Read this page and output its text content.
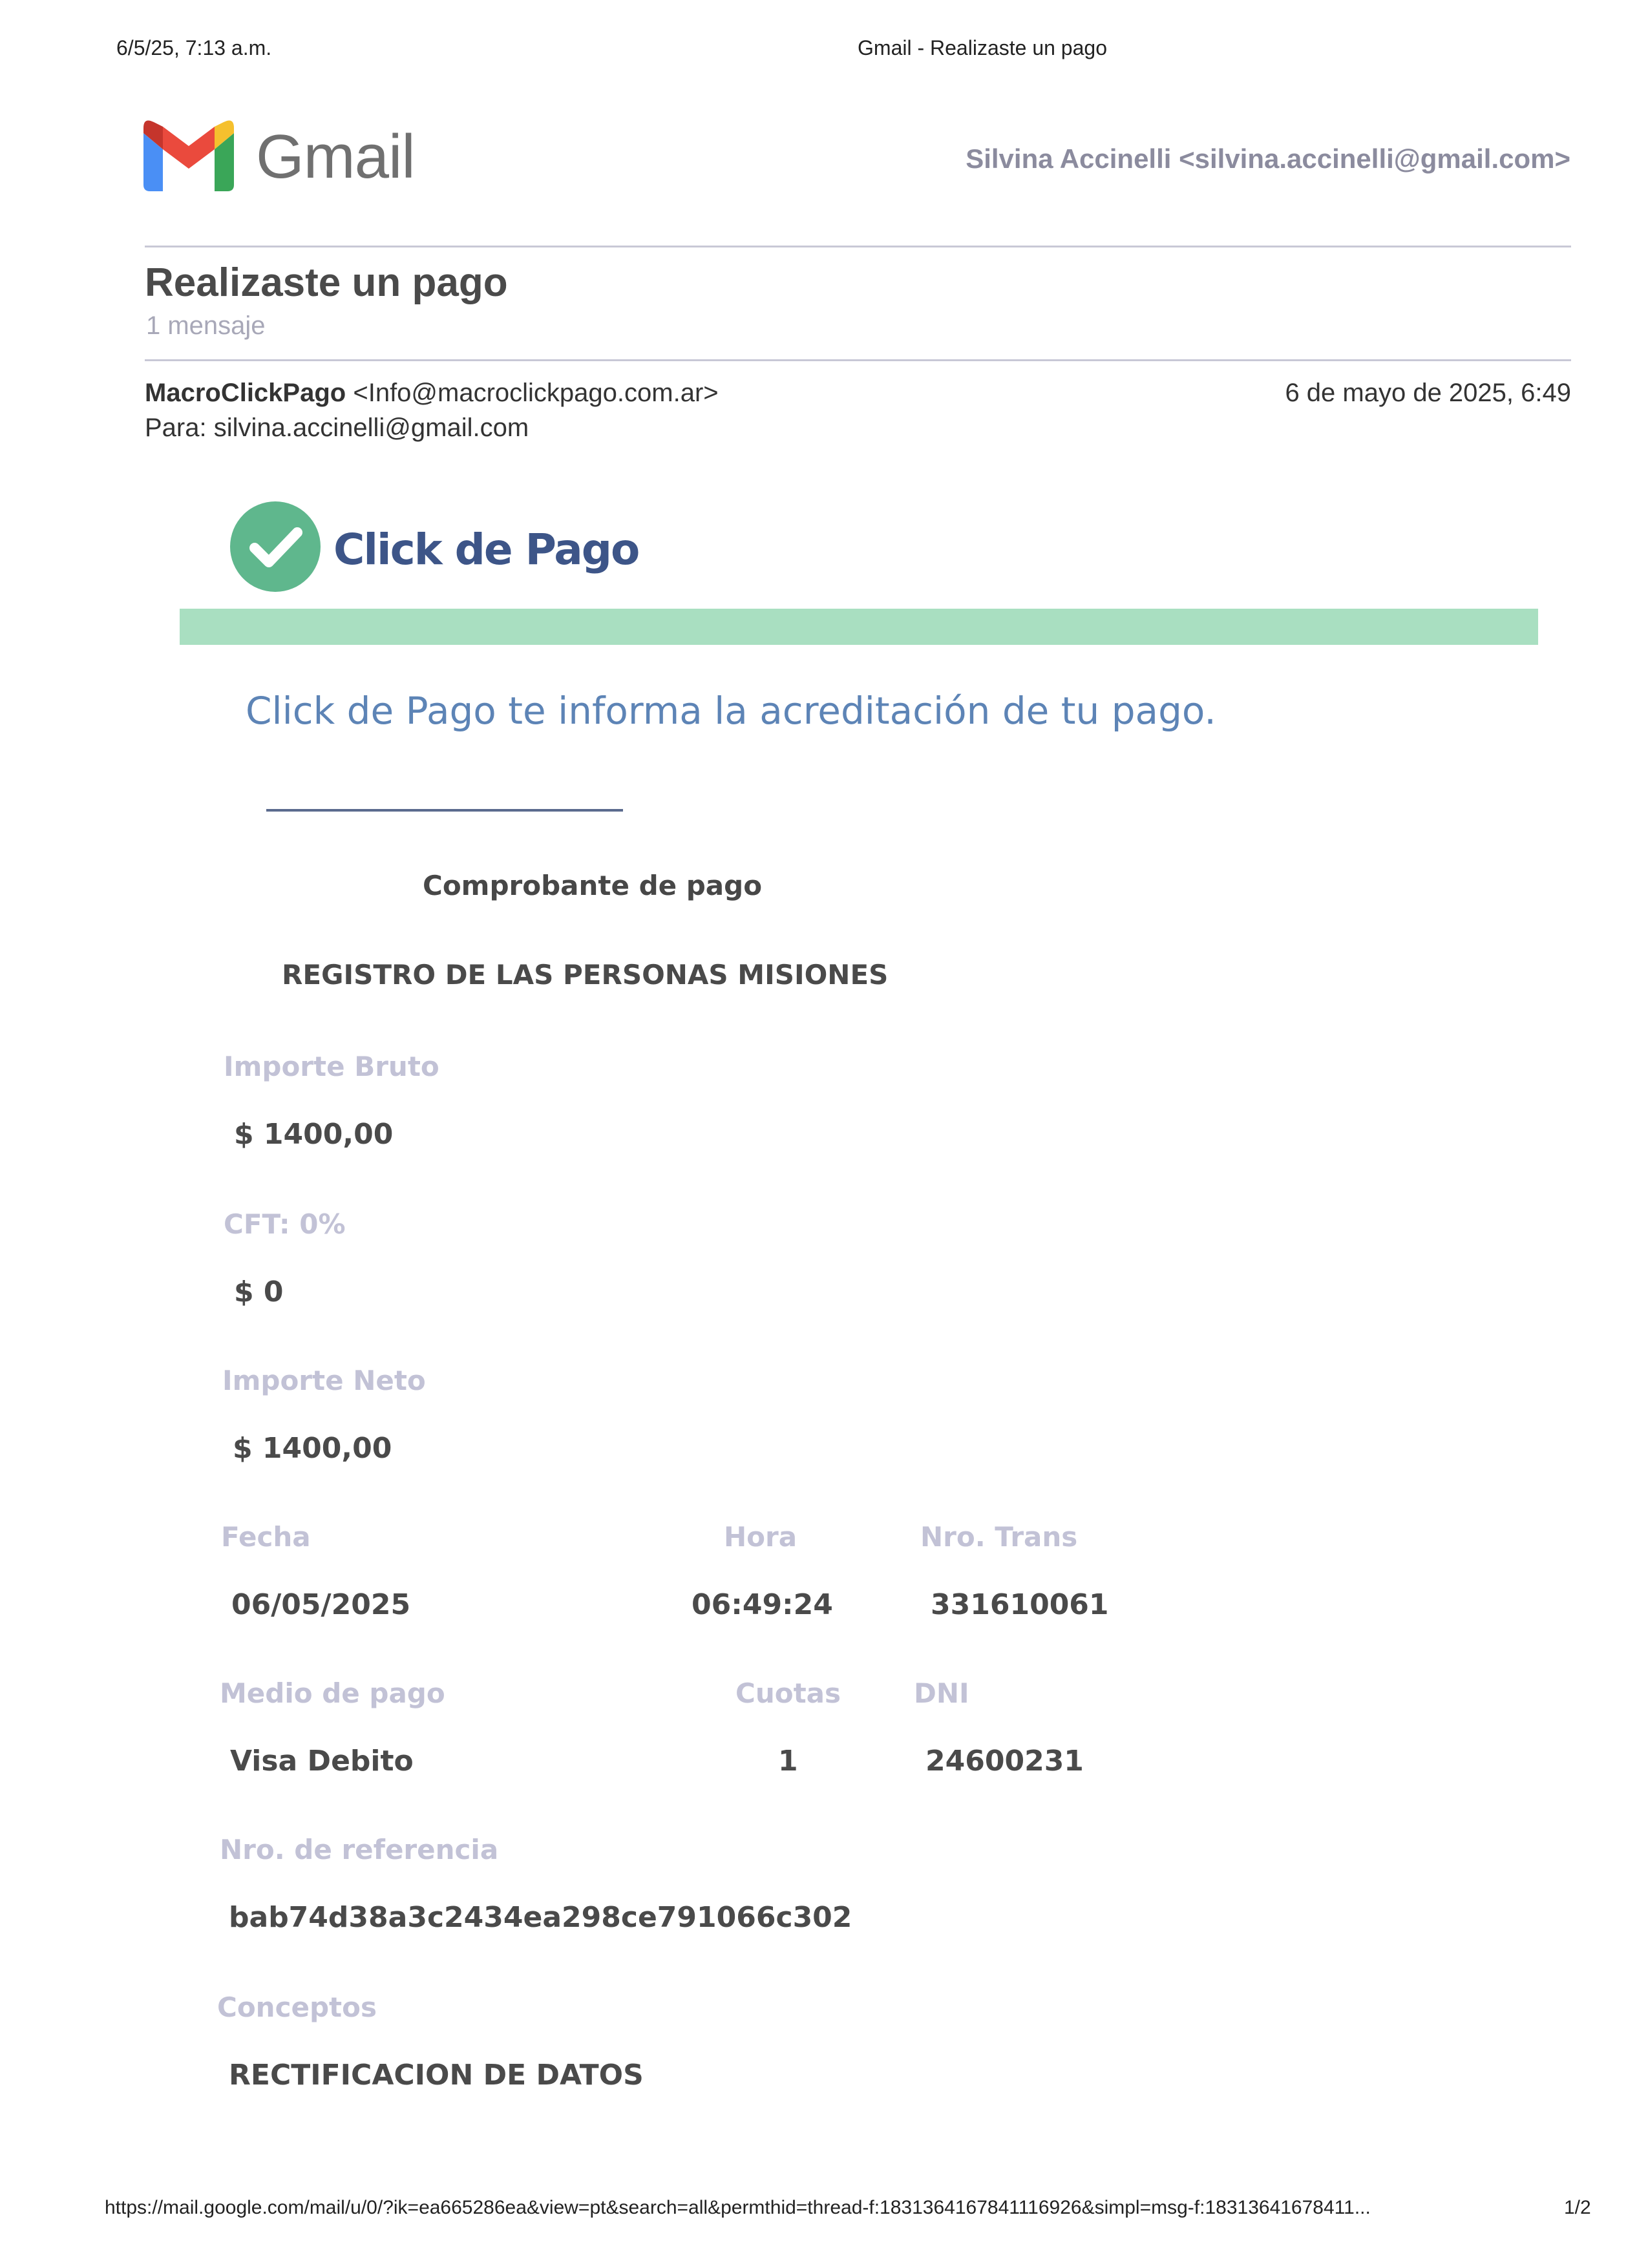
6/5/25, 7:13 a.m.	Gmail - Realizaste un pago
Gmail	Silvina Accinelli <silvina.accinelli@gmail.com>
Realizaste un pago
1 mensaje
MacroClickPago <Info@macroclickpago.com.ar>	6 de mayo de 2025, 6:49
Para: silvina.accinelli@gmail.com
Click de Pago
Click de Pago te informa la acreditación de tu pago.
Comprobante de pago
REGISTRO DE LAS PERSONAS MISIONES
Importe Bruto
$ 1400,00
CFT: 0%
$ 0
Importe Neto
$ 1400,00
Fecha
06/05/2025
Hora
06:49:24
Nro. Trans
331610061
Medio de pago
Visa Debito
Cuotas
1
DNI
24600231
Nro. de referencia
bab74d38a3c2434ea298ce791066c302
Conceptos
RECTIFICACION DE DATOS
https://mail.google.com/mail/u/0/?ik=ea665286ea&view=pt&search=all&permthid=thread-f:1831364167841116926&simpl=msg-f:18313641678411...	1/2
